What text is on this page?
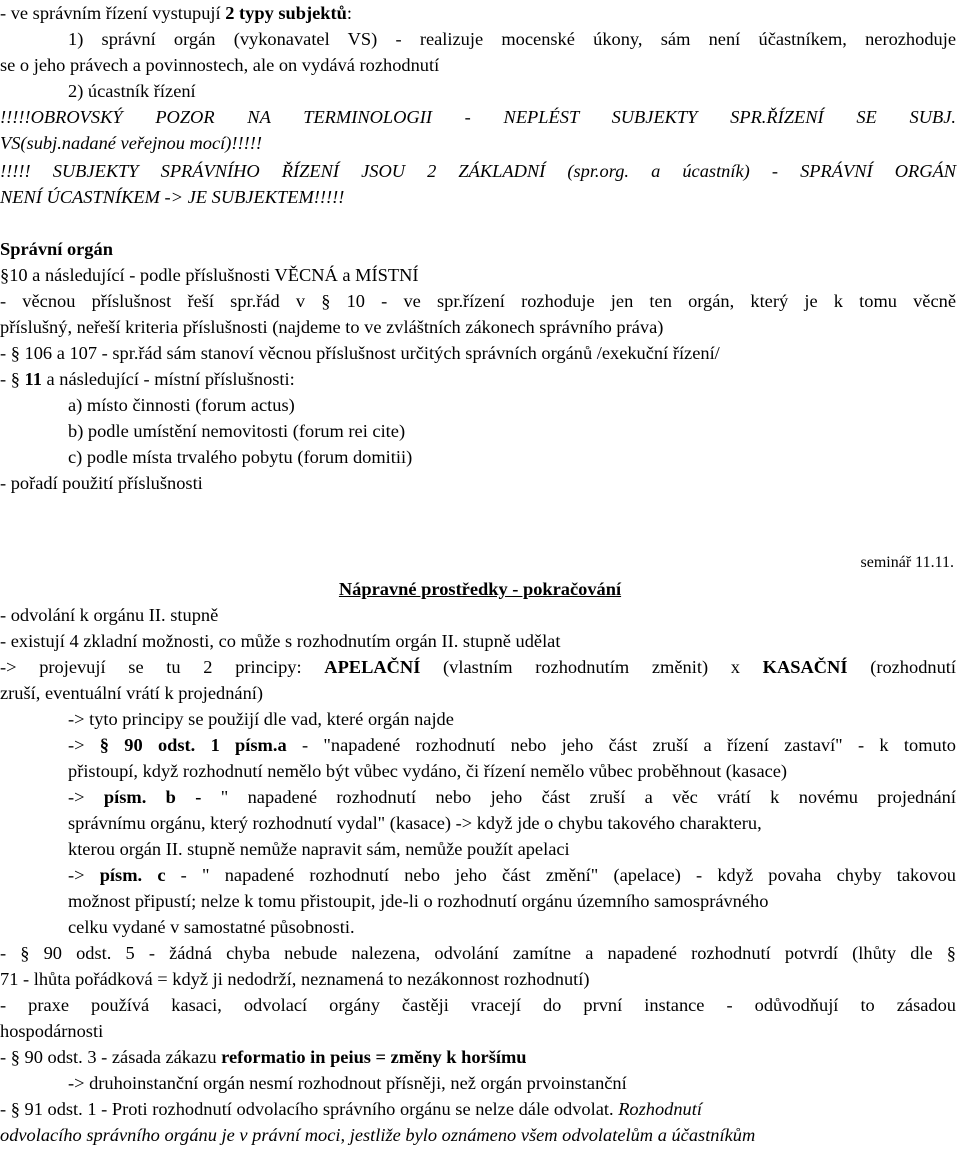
- ve správním řízení vystupují 2 typy subjektů:
1) správní orgán (vykonavatel VS) - realizuje mocenské úkony, sám není účastníkem, nerozhoduje
se o jeho právech a povinnostech, ale on vydává rozhodnutí
2) úcastník řízení
!!!!!OBROVSKÝ POZOR NA TERMINOLOGII - NEPLÉST SUBJEKTY SPR.ŘÍZENÍ SE SUBJ.
VS(subj.nadané veřejnou mocí)!!!!!
!!!!! SUBJEKTY SPRÁVNÍHO ŘÍZENÍ JSOU 2 ZÁKLADNÍ (spr.org. a úcastník) - SPRÁVNÍ ORGÁN
NENÍ ÚCASTNÍKEM -> JE SUBJEKTEM!!!!!
Správní orgán
§10 a následující - podle příslušnosti VĚCNÁ a MÍSTNÍ
- věcnou příslušnost řeší spr.řád v § 10 - ve spr.řízení rozhoduje jen ten orgán, který je k tomu věcně
příslušný, neřeší kriteria příslušnosti (najdeme to ve zvláštních zákonech správního práva)
- § 106 a 107 - spr.řád sám stanoví věcnou příslušnost určitých správních orgánů /exekuční řízení/
- § 11 a následující - místní příslušnosti:
a) místo činnosti (forum actus)
b) podle umístění nemovitosti (forum rei cite)
c) podle místa trvalého pobytu (forum domitii)
- pořadí použití příslušnosti
seminář 11.11.
Nápravné prostředky - pokračování
- odvolání k orgánu II. stupně
- existují 4 zkladní možnosti, co může s rozhodnutím orgán II. stupně udělat
-> projevují se tu 2 principy: APELAČNÍ (vlastním rozhodnutím změnit) x KASAČNÍ (rozhodnutí
zruší, eventuální vrátí k projednání)
-> tyto principy se použijí dle vad, které orgán najde
-> § 90 odst. 1 písm.a - "napadené rozhodnutí nebo jeho část zruší a řízení zastaví" - k tomuto
přistoupí, když rozhodnutí nemělo být vůbec vydáno, či řízení nemělo vůbec proběhnout (kasace)
-> písm. b - " napadené rozhodnutí nebo jeho část zruší a věc vrátí k novému projednání
správnímu orgánu, který rozhodnutí vydal" (kasace) -> když jde o chybu takového charakteru,
kterou orgán II. stupně nemůže napravit sám, nemůže použít apelaci
-> písm. c - " napadené rozhodnutí nebo jeho část změní" (apelace) - když povaha chyby takovou
možnost připustí; nelze k tomu přistoupit, jde-li o rozhodnutí orgánu územního samosprávného
celku vydané v samostatné působnosti.
- § 90 odst. 5 - žádná chyba nebude nalezena, odvolání zamítne a napadené rozhodnutí potvrdí (lhůty dle §
71 - lhůta pořádková = když ji nedodrží, neznamená to nezákonnost rozhodnutí)
- praxe používá kasaci, odvolací orgány častěji vracejí do první instance - odůvodňují to zásadou
hospodárnosti
- § 90 odst. 3 - zásada zákazu reformatio in peius = změny k horšímu
-> druhoinstanční orgán nesmí rozhodnout přísněji, než orgán prvoinstanční
- § 91 odst. 1 - Proti rozhodnutí odvolacího správního orgánu se nelze dále odvolat. Rozhodnutí
odvolacího správního orgánu je v právní moci, jestliže bylo oznámeno všem odvolatelům a účastníkům
